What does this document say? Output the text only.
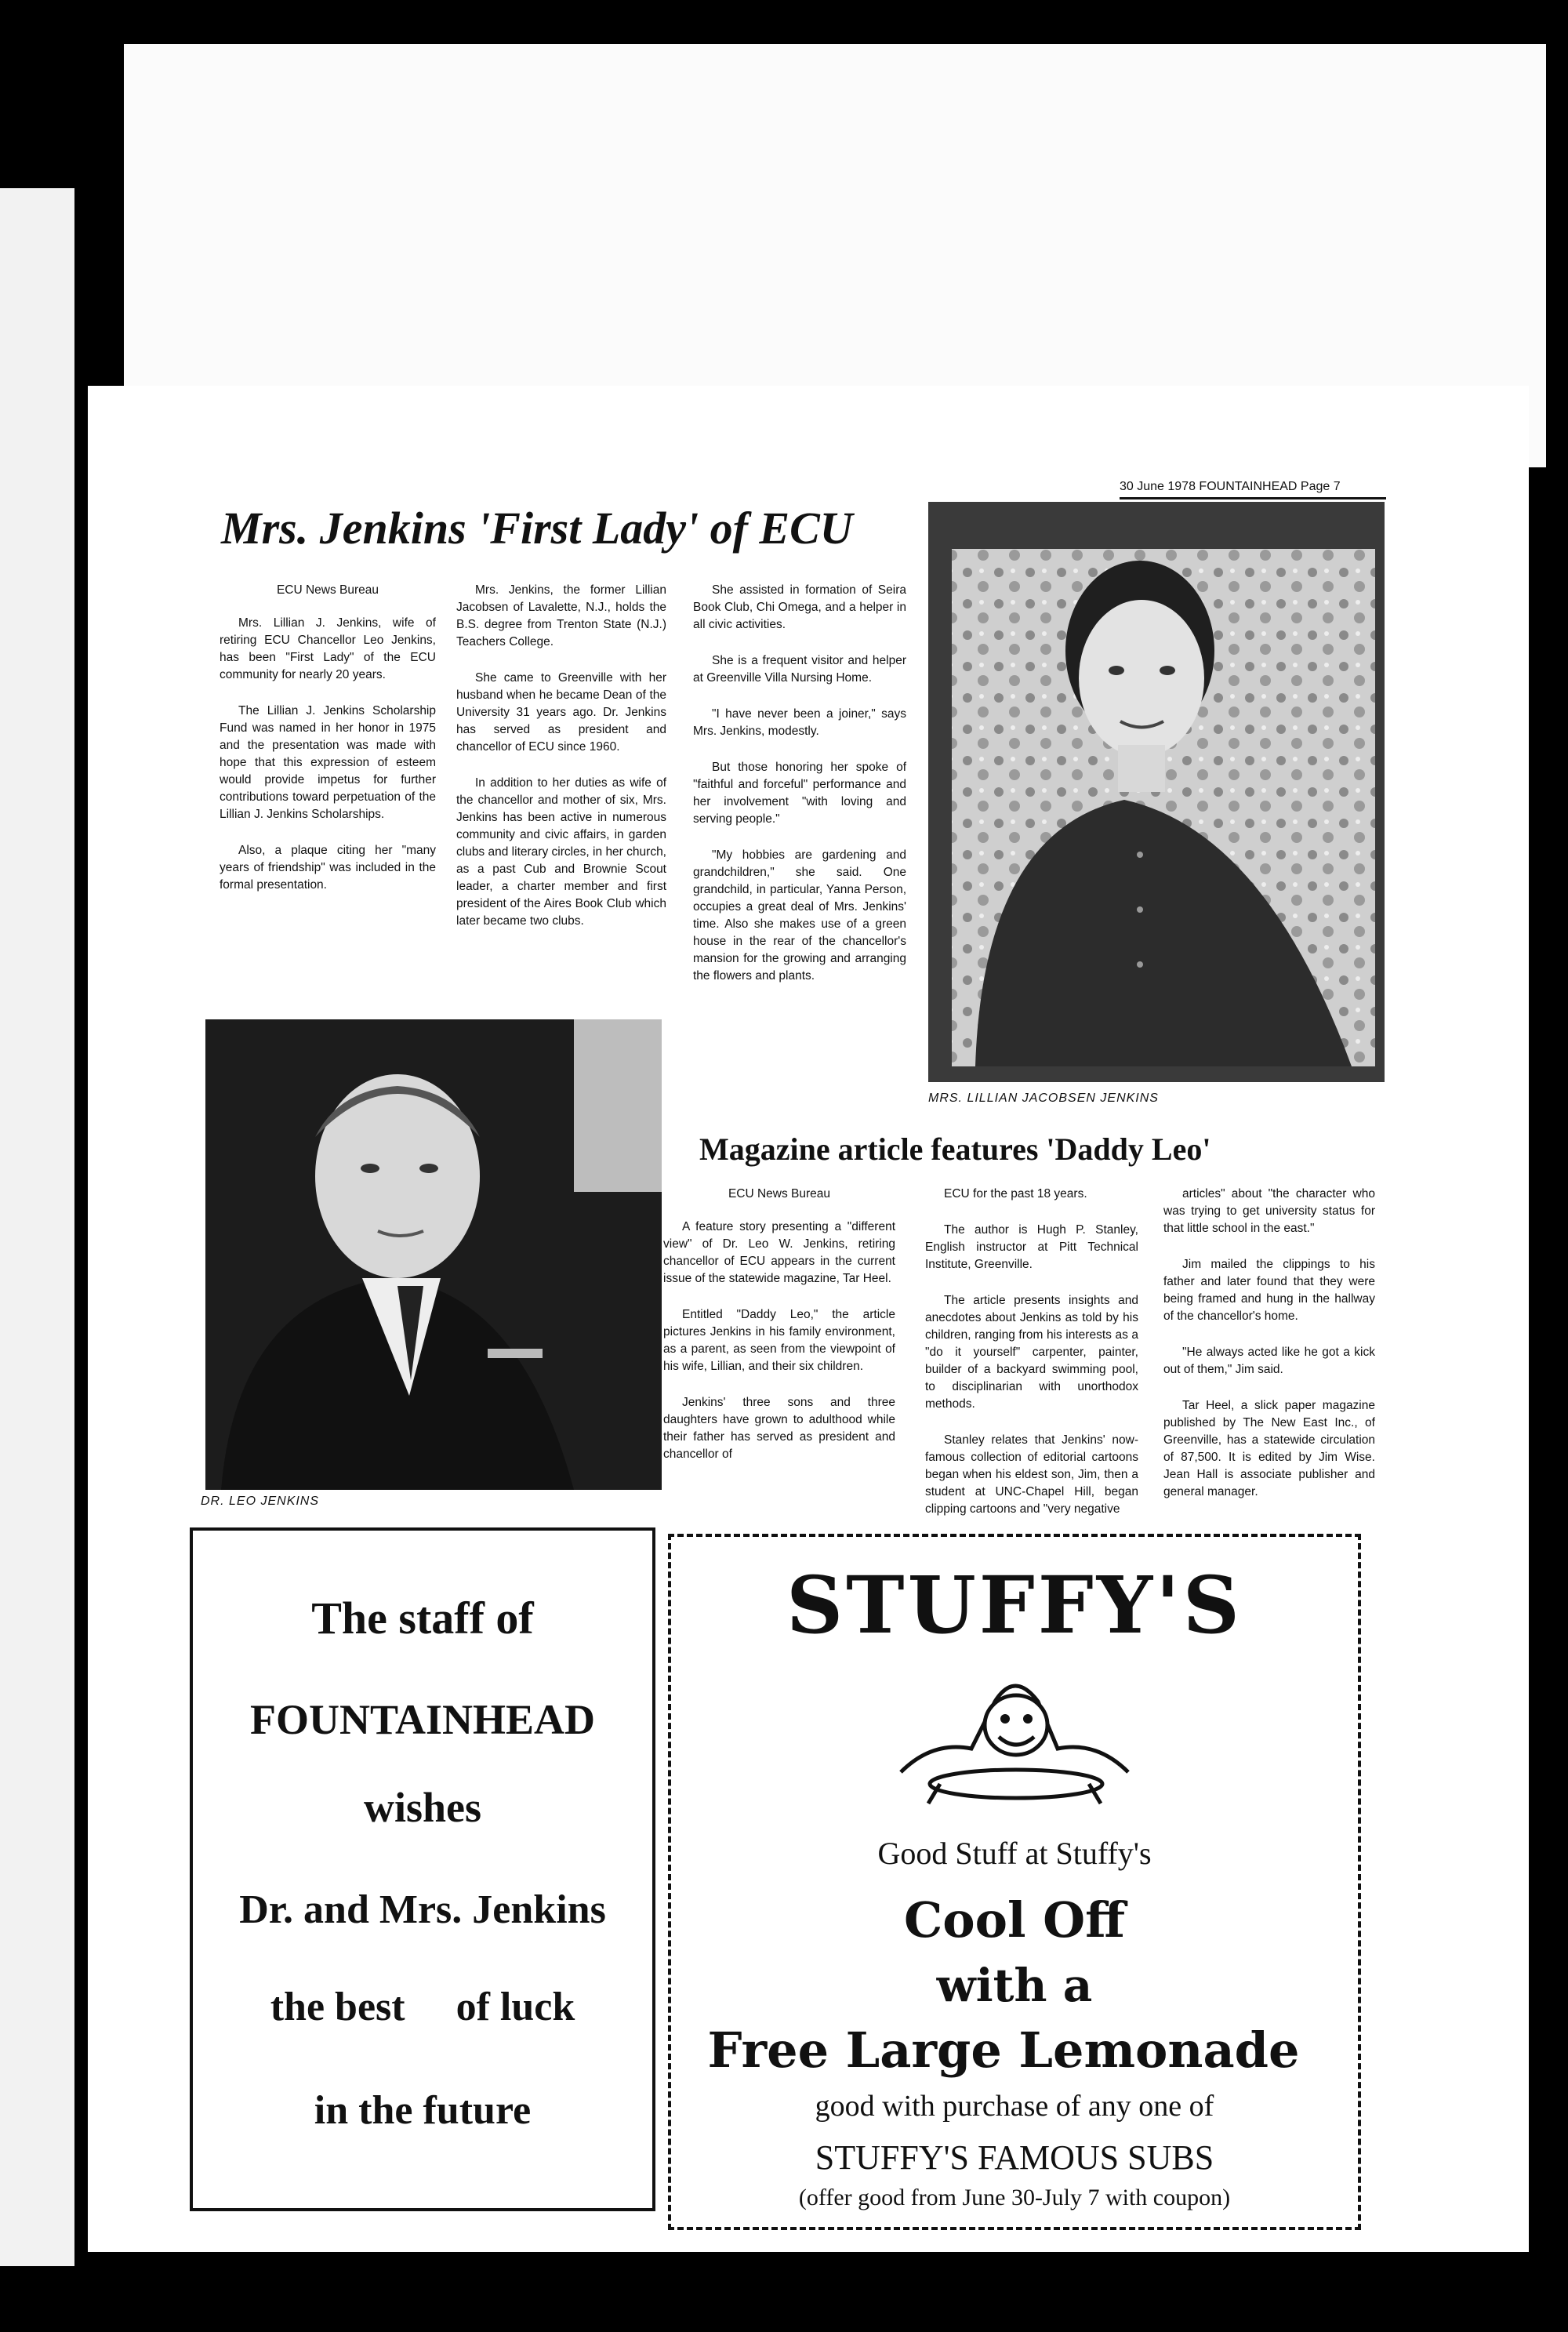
30 June 1978 FOUNTAINHEAD Page 7
Mrs. Jenkins 'First Lady' of ECU
ECU News Bureau

Mrs. Lillian J. Jenkins, wife of retiring ECU Chancellor Leo Jenkins, has been "First Lady" of the ECU community for nearly 20 years.

The Lillian J. Jenkins Scholarship Fund was named in her honor in 1975 and the presentation was made with hope that this expression of esteem would provide impetus for further contributions toward perpetuation of the Lillian J. Jenkins Scholarships.

Also, a plaque citing her "many years of friendship" was included in the formal presentation.

Mrs. Jenkins, the former Lillian Jacobsen of Lavalette, N.J., holds the B.S. degree from Trenton State (N.J.) Teachers College.

She came to Greenville with her husband when he became Dean of the University 31 years ago. Dr. Jenkins has served as president and chancellor of ECU since 1960.

In addition to her duties as wife of the chancellor and mother of six, Mrs. Jenkins has been active in numerous community and civic affairs, in garden clubs and literary circles, in her church, as a past Cub and Brownie Scout leader, a charter member and first president of the Aires Book Club which later became two clubs.

She assisted in formation of Seira Book Club, Chi Omega, and a helper in all civic activities.

She is a frequent visitor and helper at Greenville Villa Nursing Home.

"I have never been a joiner," says Mrs. Jenkins, modestly.

But those honoring her spoke of "faithful and forceful" performance and her involvement "with loving and serving people."

"My hobbies are gardening and grandchildren," she said. One grandchild, in particular, Yanna Person, occupies a great deal of Mrs. Jenkins' time. Also she makes use of a green house in the rear of the chancellor's mansion for the growing and arranging the flowers and plants.

MRS. LILLIAN JACOBSEN JENKINS
DR. LEO JENKINS
Magazine article features 'Daddy Leo'
ECU News Bureau

A feature story presenting a "different view" of Dr. Leo W. Jenkins, retiring chancellor of ECU appears in the current issue of the statewide magazine, Tar Heel.

Entitled "Daddy Leo," the article pictures Jenkins in his family environment, as a parent, as seen from the viewpoint of his wife, Lillian, and their six children.

Jenkins' three sons and three daughters have grown to adulthood while their father has served as president and chancellor of

ECU for the past 18 years.

The author is Hugh P. Stanley, English instructor at Pitt Technical Institute, Greenville.

The article presents insights and anecdotes about Jenkins as told by his children, ranging from his interests as a "do it yourself" carpenter, painter, builder of a backyard swimming pool, to disciplinarian with unorthodox methods.

Stanley relates that Jenkins' now-famous collection of editorial cartoons began when his eldest son, Jim, then a student at UNC-Chapel Hill, began clipping cartoons and "very negative

articles" about "the character who was trying to get university status for that little school in the east."

Jim mailed the clippings to his father and later found that they were being framed and hung in the hallway of the chancellor's home.

"He always acted like he got a kick out of them," Jim said.

Tar Heel, a slick paper magazine published by The New East Inc., of Greenville, has a statewide circulation of 87,500. It is edited by Jim Wise. Jean Hall is associate publisher and general manager.

The staff of
FOUNTAINHEAD
wishes
Dr. and Mrs. Jenkins
the best     of luck
in the future
STUFFY'S
Good Stuff at Stuffy's
Cool Off
with a
Free Large Lemonade
good with purchase of any one of
STUFFY'S FAMOUS SUBS
(offer good from June 30-July 7 with coupon)
